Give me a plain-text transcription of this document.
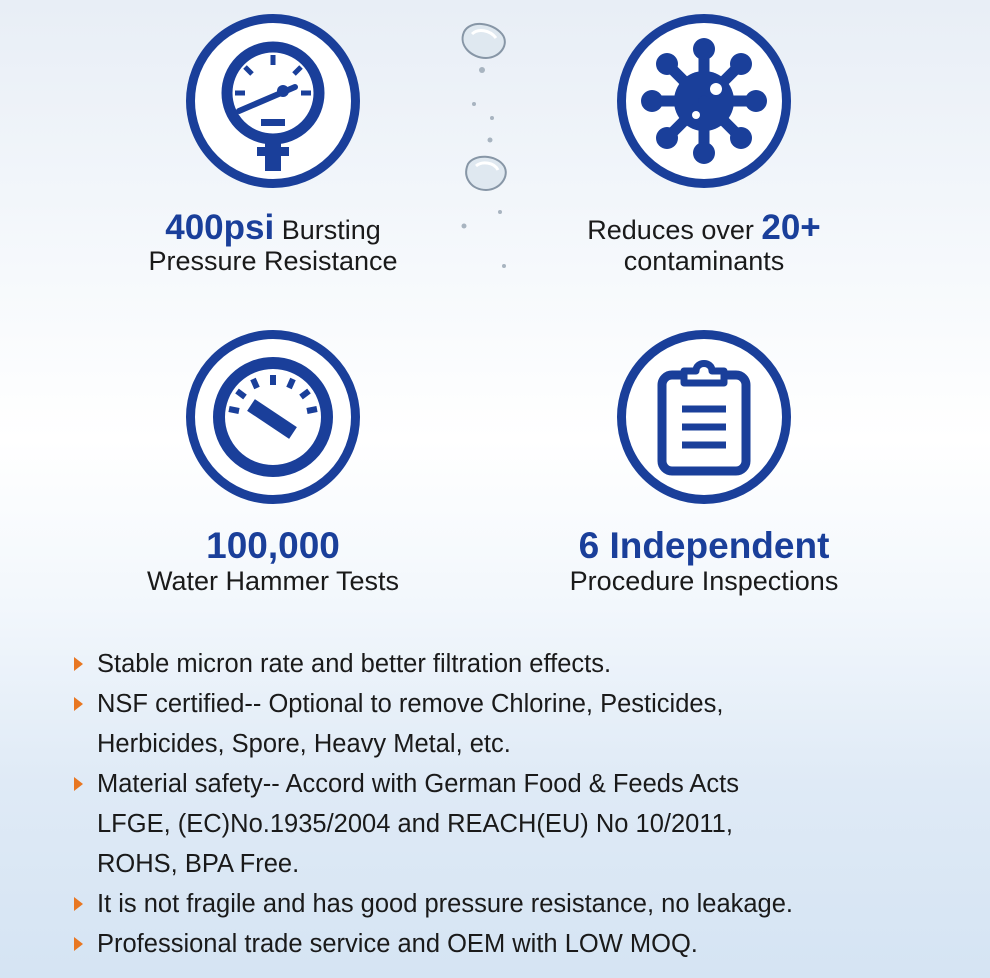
400psi Bursting
Pressure Resistance
Reduces over 20+
contaminants
100,000
Water Hammer Tests
6 Independent
Procedure Inspections
Stable micron rate and better filtration effects.
NSF certified-- Optional to remove Chlorine, Pesticides,
Herbicides, Spore, Heavy Metal, etc.
Material safety-- Accord with German Food & Feeds Acts
LFGE, (EC)No.1935/2004 and REACH(EU) No 10/2011,
ROHS, BPA Free.
It is not fragile and has good pressure resistance, no leakage.
Professional trade service and OEM with LOW MOQ.
